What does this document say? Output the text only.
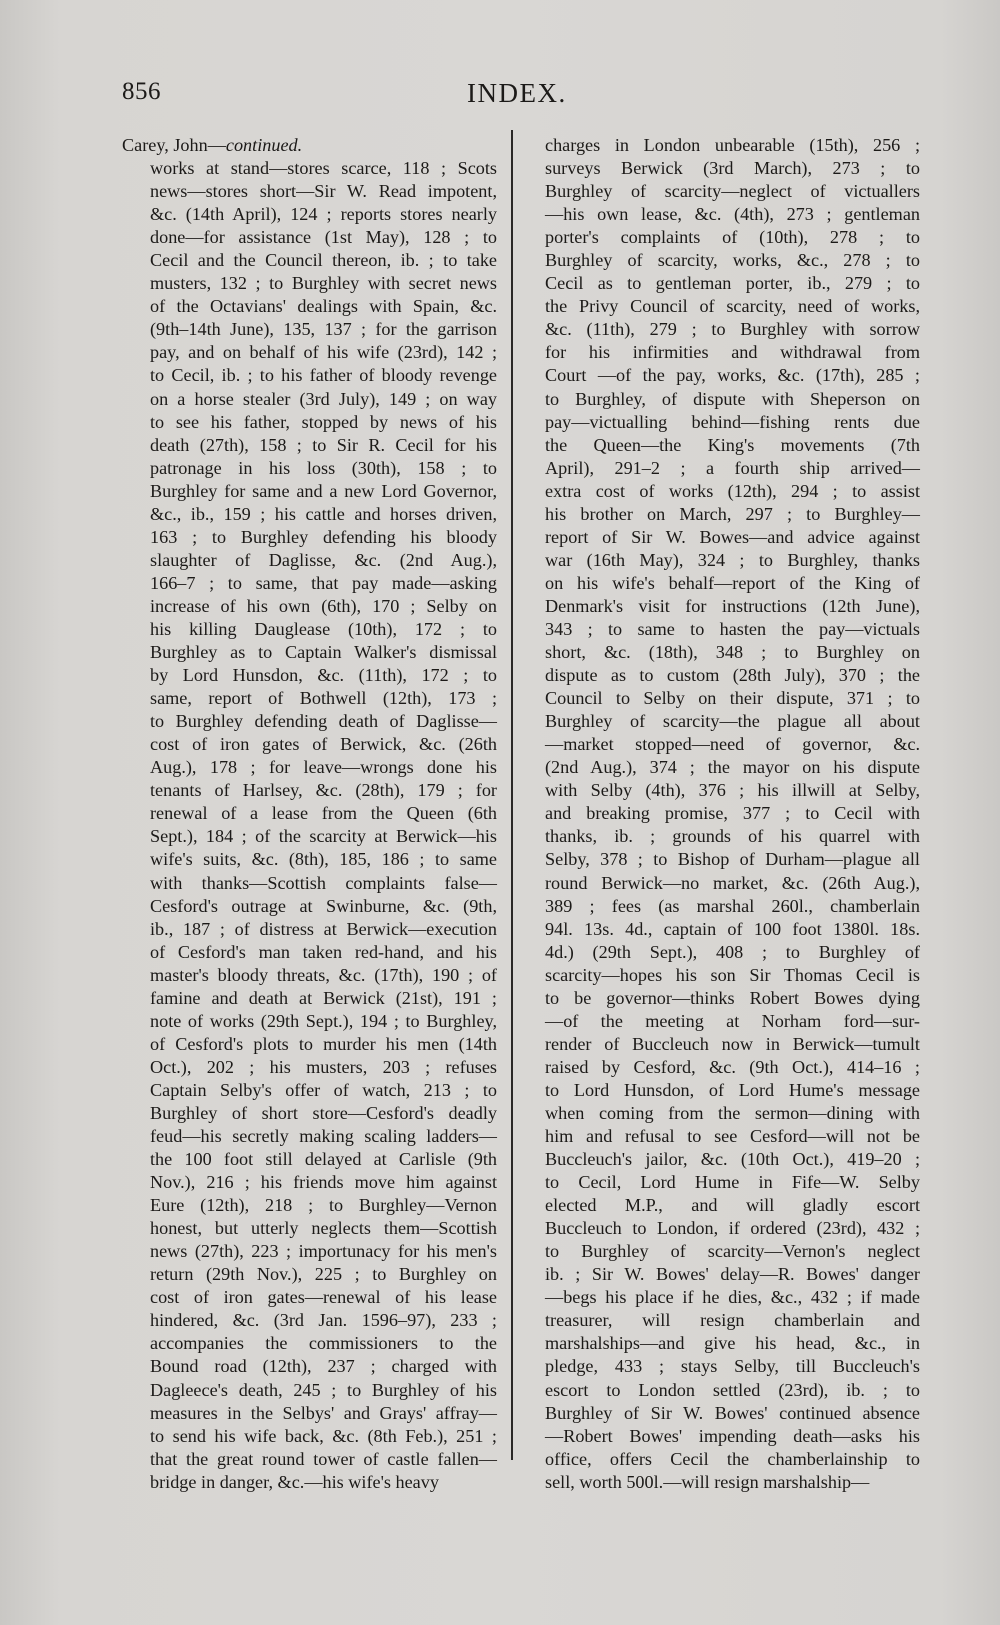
856	INDEX.
Carey, John—continued.
works at stand—stores scarce, 118 ; Scots
news—stores short—Sir W. Read impotent,
&c. (14th April), 124 ; reports stores nearly
done—for assistance (1st May), 128 ; to
Cecil and the Council thereon, ib. ; to take
musters, 132 ; to Burghley with secret news
of the Octavians' dealings with Spain, &c.
(9th–14th June), 135, 137 ; for the garrison
pay, and on behalf of his wife (23rd), 142 ;
to Cecil, ib. ; to his father of bloody revenge
on a horse stealer (3rd July), 149 ; on way
to see his father, stopped by news of his
death (27th), 158 ; to Sir R. Cecil for his
patronage in his loss (30th), 158 ; to
Burghley for same and a new Lord Governor,
&c., ib., 159 ; his cattle and horses driven,
163 ; to Burghley defending his bloody
slaughter of Daglisse, &c. (2nd Aug.),
166–7 ; to same, that pay made—asking
increase of his own (6th), 170 ; Selby on
his killing Dauglease (10th), 172 ; to
Burghley as to Captain Walker's dismissal
by Lord Hunsdon, &c. (11th), 172 ; to
same, report of Bothwell (12th), 173 ;
to Burghley defending death of Daglisse—
cost of iron gates of Berwick, &c. (26th
Aug.), 178 ; for leave—wrongs done his
tenants of Harlsey, &c. (28th), 179 ; for
renewal of a lease from the Queen (6th
Sept.), 184 ; of the scarcity at Berwick—his
wife's suits, &c. (8th), 185, 186 ; to same
with thanks—Scottish complaints false—
Cesford's outrage at Swinburne, &c. (9th,
ib., 187 ; of distress at Berwick—execution
of Cesford's man taken red-hand, and his
master's bloody threats, &c. (17th), 190 ; of
famine and death at Berwick (21st), 191 ;
note of works (29th Sept.), 194 ; to Burghley,
of Cesford's plots to murder his men (14th
Oct.), 202 ; his musters, 203 ; refuses
Captain Selby's offer of watch, 213 ; to
Burghley of short store—Cesford's deadly
feud—his secretly making scaling ladders—
the 100 foot still delayed at Carlisle (9th
Nov.), 216 ; his friends move him against
Eure (12th), 218 ; to Burghley—Vernon
honest, but utterly neglects them—Scottish
news (27th), 223 ; importunacy for his men's
return (29th Nov.), 225 ; to Burghley on
cost of iron gates—renewal of his lease
hindered, &c. (3rd Jan. 1596–97), 233 ;
accompanies the commissioners to the
Bound road (12th), 237 ; charged with
Dagleece's death, 245 ; to Burghley of his
measures in the Selbys' and Grays' affray—
to send his wife back, &c. (8th Feb.), 251 ;
that the great round tower of castle fallen—
bridge in danger, &c.—his wife's heavy
charges in London unbearable (15th), 256 ;
surveys Berwick (3rd March), 273 ; to
Burghley of scarcity—neglect of victuallers
—his own lease, &c. (4th), 273 ; gentleman
porter's complaints of (10th), 278 ; to
Burghley of scarcity, works, &c., 278 ; to
Cecil as to gentleman porter, ib., 279 ; to
the Privy Council of scarcity, need of works,
&c. (11th), 279 ; to Burghley with sorrow
for his infirmities and withdrawal from
Court —of the pay, works, &c. (17th), 285 ;
to Burghley, of dispute with Sheperson on
pay—victualling behind—fishing rents due
the Queen—the King's movements (7th
April), 291–2 ; a fourth ship arrived—
extra cost of works (12th), 294 ; to assist
his brother on March, 297 ; to Burghley—
report of Sir W. Bowes—and advice against
war (16th May), 324 ; to Burghley, thanks
on his wife's behalf—report of the King of
Denmark's visit for instructions (12th June),
343 ; to same to hasten the pay—victuals
short, &c. (18th), 348 ; to Burghley on
dispute as to custom (28th July), 370 ; the
Council to Selby on their dispute, 371 ; to
Burghley of scarcity—the plague all about
—market stopped—need of governor, &c.
(2nd Aug.), 374 ; the mayor on his dispute
with Selby (4th), 376 ; his illwill at Selby,
and breaking promise, 377 ; to Cecil with
thanks, ib. ; grounds of his quarrel with
Selby, 378 ; to Bishop of Durham—plague all
round Berwick—no market, &c. (26th Aug.),
389 ; fees (as marshal 260l., chamberlain
94l. 13s. 4d., captain of 100 foot 1380l. 18s.
4d.) (29th Sept.), 408 ; to Burghley of
scarcity—hopes his son Sir Thomas Cecil is
to be governor—thinks Robert Bowes dying
—of the meeting at Norham ford—sur-
render of Buccleuch now in Berwick—tumult
raised by Cesford, &c. (9th Oct.), 414–16 ;
to Lord Hunsdon, of Lord Hume's message
when coming from the sermon—dining with
him and refusal to see Cesford—will not be
Buccleuch's jailor, &c. (10th Oct.), 419–20 ;
to Cecil, Lord Hume in Fife—W. Selby
elected M.P., and will gladly escort
Buccleuch to London, if ordered (23rd), 432 ;
to Burghley of scarcity—Vernon's neglect
ib. ; Sir W. Bowes' delay—R. Bowes' danger
—begs his place if he dies, &c., 432 ; if made
treasurer, will resign chamberlain and
marshalships—and give his head, &c., in
pledge, 433 ; stays Selby, till Buccleuch's
escort to London settled (23rd), ib. ; to
Burghley of Sir W. Bowes' continued absence
—Robert Bowes' impending death—asks his
office, offers Cecil the chamberlainship to
sell, worth 500l.—will resign marshalship—
